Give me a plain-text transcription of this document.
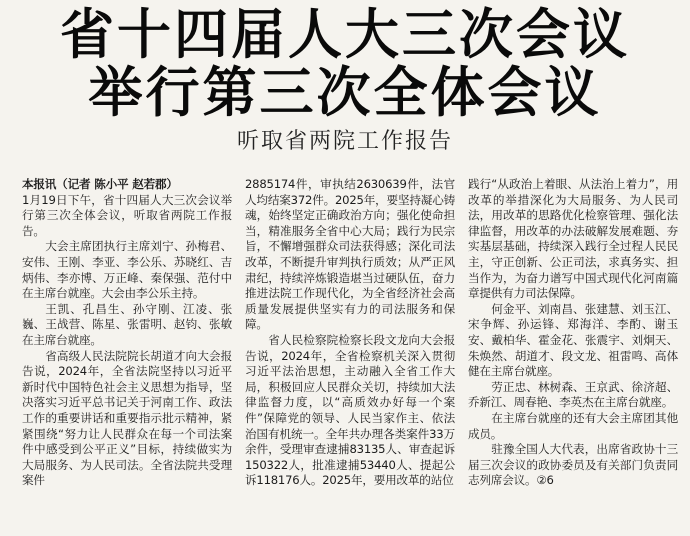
省十四届人大三次会议
举行第三次全体会议
听取省两院工作报告

本报讯（记者 陈小平 赵若郡）

1月19日下午，省十四届人大三次会议举行第三次全体会议，听取省两院工作报告。

大会主席团执行主席刘宁、孙梅君、安伟、王刚、李亚、李公乐、苏晓红、吉炳伟、李亦博、万正峰、秦保强、范付中在主席台就座。大会由李公乐主持。

王凯、孔昌生、孙守刚、江凌、张巍、王战营、陈星、张雷明、赵钧、张敏在主席台就座。

省高级人民法院院长胡道才向大会报告说，2024年，全省法院坚持以习近平新时代中国特色社会主义思想为指导，坚决落实习近平总书记关于河南工作、政法工作的重要讲话和重要指示批示精神，紧紧围绕“努力让人民群众在每一个司法案件中感受到公平正义”目标，持续做实为大局服务、为人民司法。全省法院共受理案件

2885174件，审执结2630639件，法官人均结案372件。2025年，要坚持凝心铸魂，始终坚定正确政治方向；强化使命担当，精准服务全省中心大局；践行为民宗旨，不懈增强群众司法获得感；深化司法改革，不断提升审判执行质效；从严正风肃纪，持续淬炼锻造堪当过硬队伍，奋力推进法院工作现代化，为全省经济社会高质量发展提供坚实有力的司法服务和保障。

省人民检察院检察长段文龙向大会报告说，2024年，全省检察机关深入贯彻习近平法治思想，主动融入全省工作大局，积极回应人民群众关切，持续加大法律监督力度，以“高质效办好每一个案件”保障党的领导、人民当家作主、依法治国有机统一。全年共办理各类案件33万余件，受理审查逮捕83135人、审查起诉150322人，批准逮捕53440人、提起公诉118176人。2025年，要用改革的站位

践行“从政治上着眼、从法治上着力”，用改革的举措深化为大局服务、为人民司法，用改革的思路优化检察管理、强化法律监督，用改革的办法破解发展难题、夯实基层基础，持续深入践行全过程人民民主，守正创新、公正司法，求真务实、担当作为，为奋力谱写中国式现代化河南篇章提供有力司法保障。

何金平、刘南昌、张建慧、刘玉江、宋争辉、孙运锋、郑海洋、李酌、谢玉安、戴柏华、霍金花、张震宇、刘炯天、朱焕然、胡道才、段文龙、祖雷鸣、高体健在主席台就座。

劳正忠、林树森、王京武、徐济超、乔新江、周春艳、李英杰在主席台就座。

在主席台就座的还有大会主席团其他成员。

驻豫全国人大代表，出席省政协十三届三次会议的政协委员及有关部门负责同志列席会议。②6
